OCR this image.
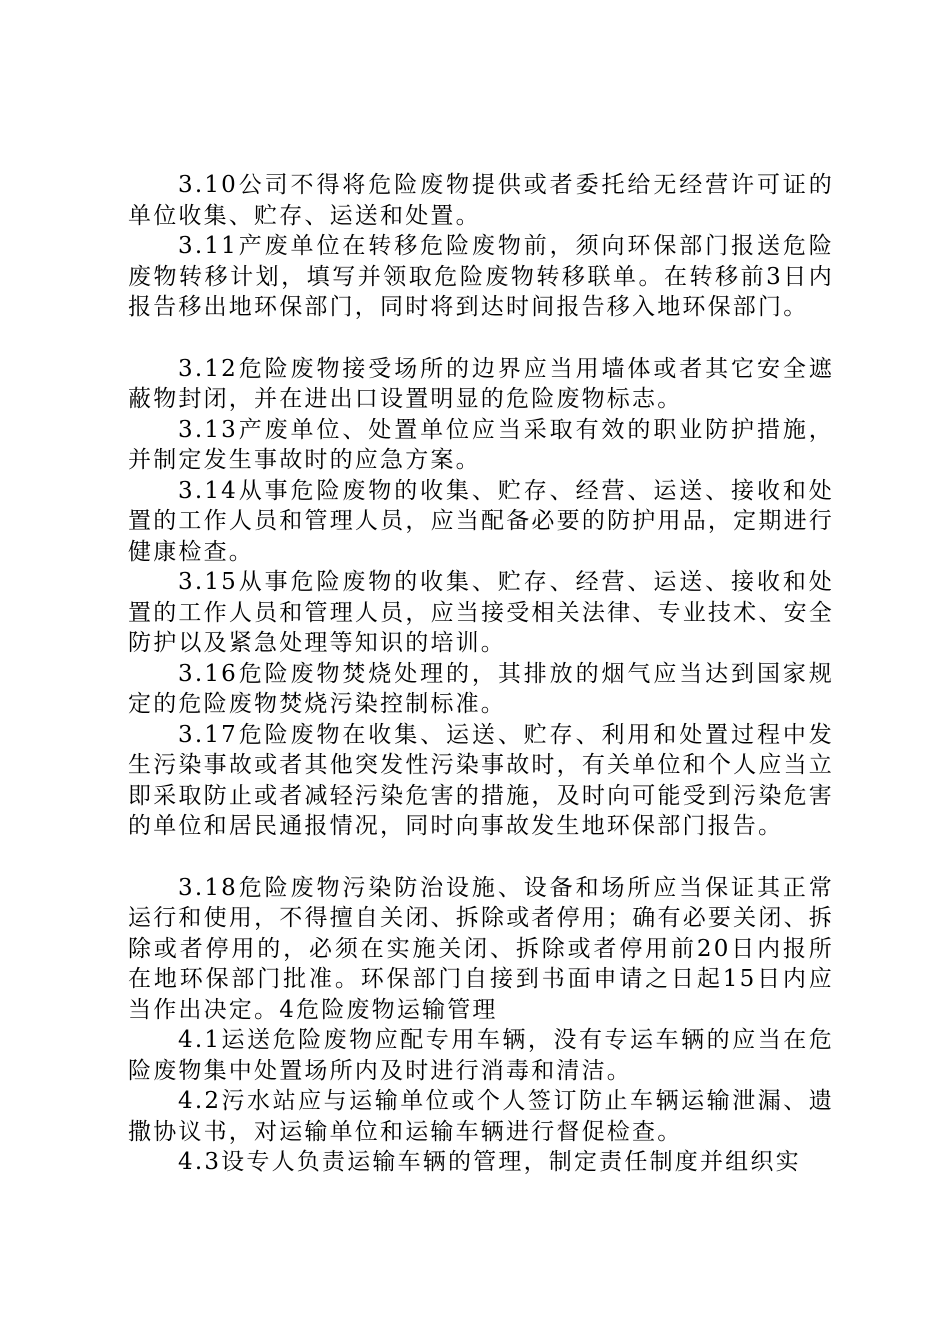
3.10公司不得将危险废物提供或者委托给无经营许可证的单位收集、贮存、运送和处置。

3.11产废单位在转移危险废物前，须向环保部门报送危险废物转移计划，填写并领取危险废物转移联单。在转移前3日内报告移出地环保部门，同时将到达时间报告移入地环保部门。

3.12危险废物接受场所的边界应当用墙体或者其它安全遮蔽物封闭，并在进出口设置明显的危险废物标志。

3.13产废单位、处置单位应当采取有效的职业防护措施，并制定发生事故时的应急方案。

3.14从事危险废物的收集、贮存、经营、运送、接收和处置的工作人员和管理人员，应当配备必要的防护用品，定期进行健康检查。

3.15从事危险废物的收集、贮存、经营、运送、接收和处置的工作人员和管理人员，应当接受相关法律、专业技术、安全防护以及紧急处理等知识的培训。

3.16危险废物焚烧处理的，其排放的烟气应当达到国家规定的危险废物焚烧污染控制标准。

3.17危险废物在收集、运送、贮存、利用和处置过程中发生污染事故或者其他突发性污染事故时，有关单位和个人应当立即采取防止或者减轻污染危害的措施，及时向可能受到污染危害的单位和居民通报情况，同时向事故发生地环保部门报告。

3.18危险废物污染防治设施、设备和场所应当保证其正常运行和使用，不得擅自关闭、拆除或者停用；确有必要关闭、拆除或者停用的，必须在实施关闭、拆除或者停用前20日内报所在地环保部门批准。环保部门自接到书面申请之日起15日内应当作出决定。4危险废物运输管理

4.1运送危险废物应配专用车辆，没有专运车辆的应当在危险废物集中处置场所内及时进行消毒和清洁。

4.2污水站应与运输单位或个人签订防止车辆运输泄漏、遗撒协议书，对运输单位和运输车辆进行督促检查。

4.3设专人负责运输车辆的管理，制定责任制度并组织实
